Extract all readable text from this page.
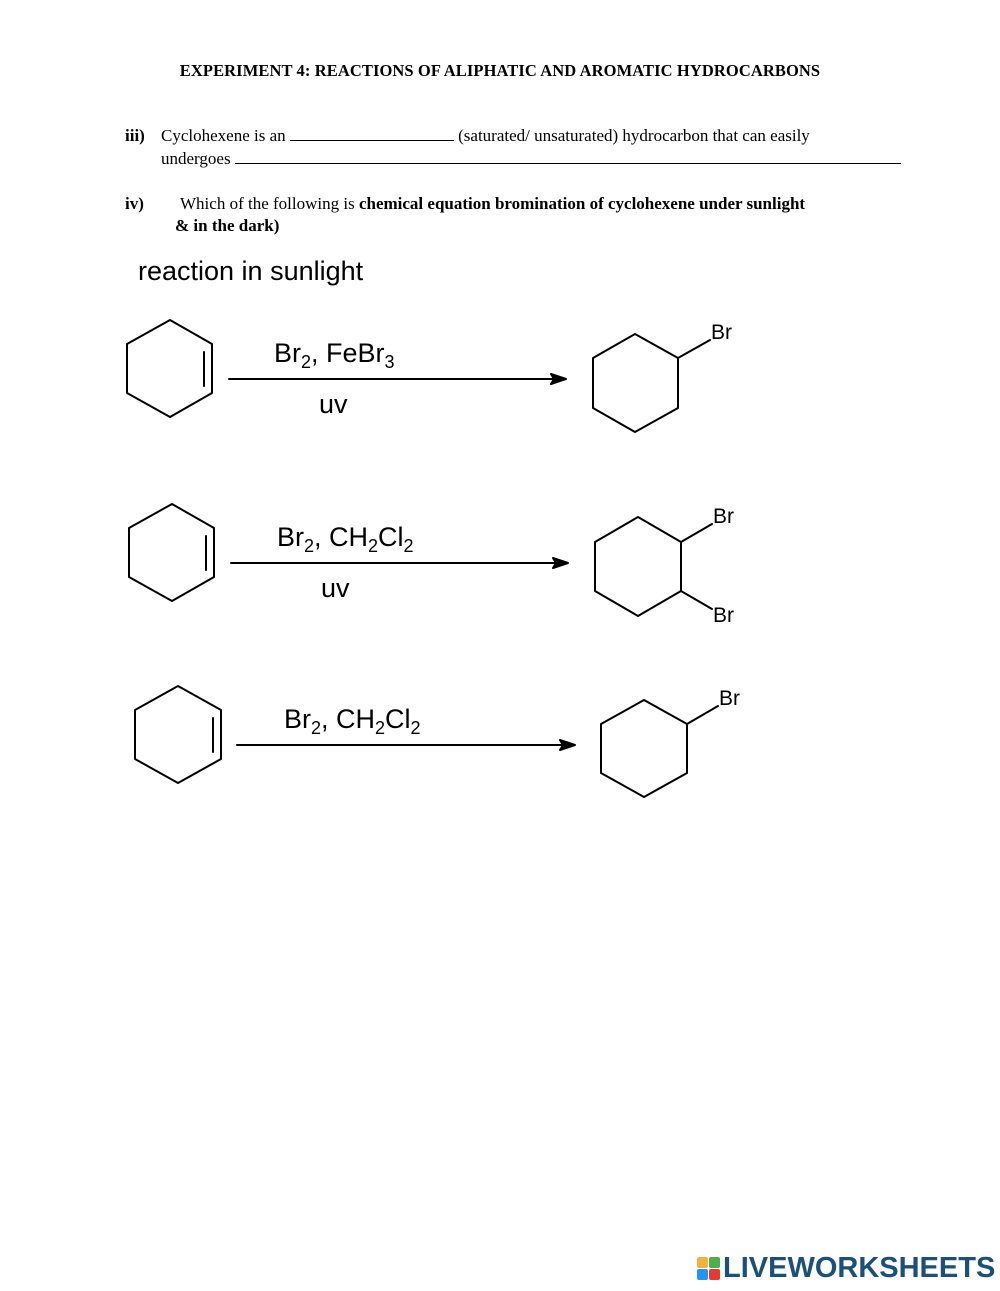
EXPERIMENT 4: REACTIONS OF ALIPHATIC AND AROMATIC HYDROCARBONS
iii) Cyclohexene is an	(saturated/ unsaturated) hydrocarbon that can easily
undergoes
iv) Which of the following is chemical equation bromination of cyclohexene under sunlight
& in the dark)
reaction in sunlight
$Br_2$, FeBr$_3$
uv
Br
$Br_2$, $CH_2Cl_2$
uv
Br
Br
$Br_2$, $CH_2Cl_2$
Br
LIVEWORKSHEETS
